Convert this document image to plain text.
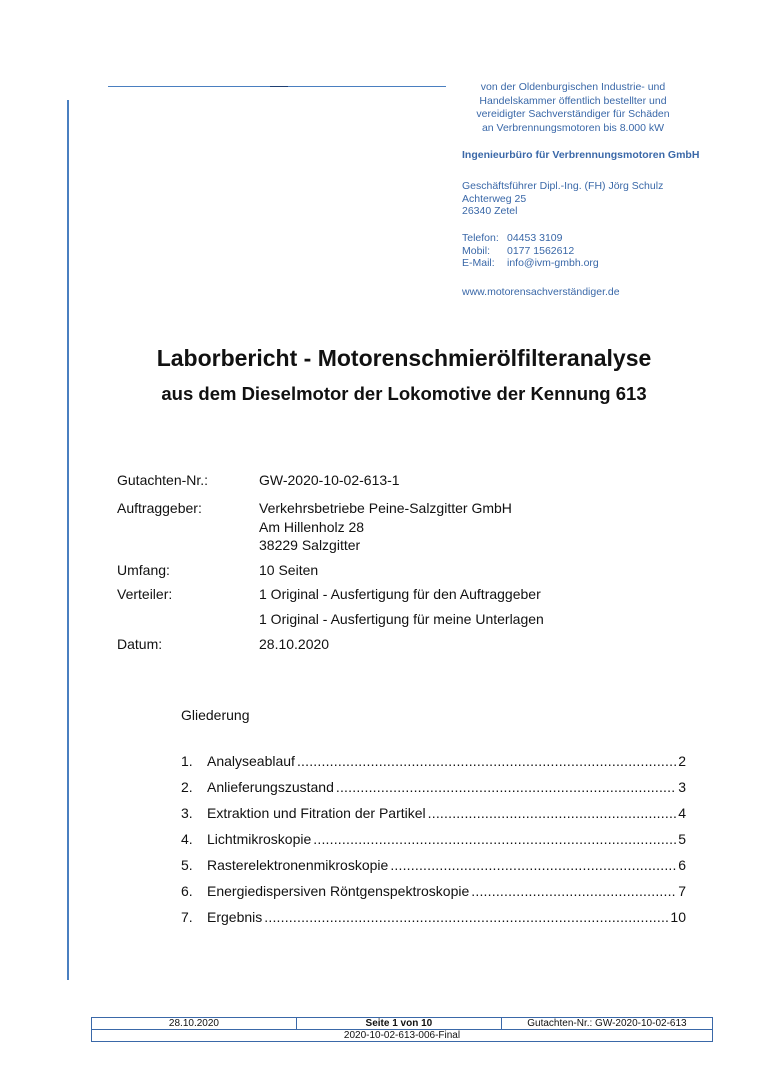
von der Oldenburgischen Industrie- und
Handelskammer öffentlich bestellter und
vereidigter Sachverständiger für Schäden
an Verbrennungsmotoren bis 8.000 kW
Ingenieurbüro für Verbrennungsmotoren GmbH
Geschäftsführer Dipl.-Ing. (FH) Jörg Schulz
Achterweg 25
26340 Zetel
Telefon: 04453 3109
Mobil: 0177 1562612
E-Mail: info@ivm-gmbh.org
www.motorensachverständiger.de
Laborbericht - Motorenschmierölfilteranalyse
aus dem Dieselmotor der Lokomotive der Kennung 613
Gutachten-Nr.:	GW-2020-10-02-613-1
Auftraggeber:	Verkehrsbetriebe Peine-Salzgitter GmbH
Am Hillenholz 28
38229 Salzgitter
Umfang:	10 Seiten
Verteiler:	1 Original - Ausfertigung für den Auftraggeber
1 Original - Ausfertigung für meine Unterlagen
Datum:	28.10.2020
Gliederung
1.	Analyseablauf .....	2
2.	Anlieferungszustand .....	3
3.	Extraktion und Fitration der Partikel .....	4
4.	Lichtmikroskopie .....	5
5.	Rasterelektronenmikroskopie .....	6
6.	Energiedispersiven Röntgenspektroskopie .....	7
7.	Ergebnis .....	10
28.10.2020	Seite 1 von 10	Gutachten-Nr.: GW-2020-10-02-613
2020-10-02-613-006-Final
